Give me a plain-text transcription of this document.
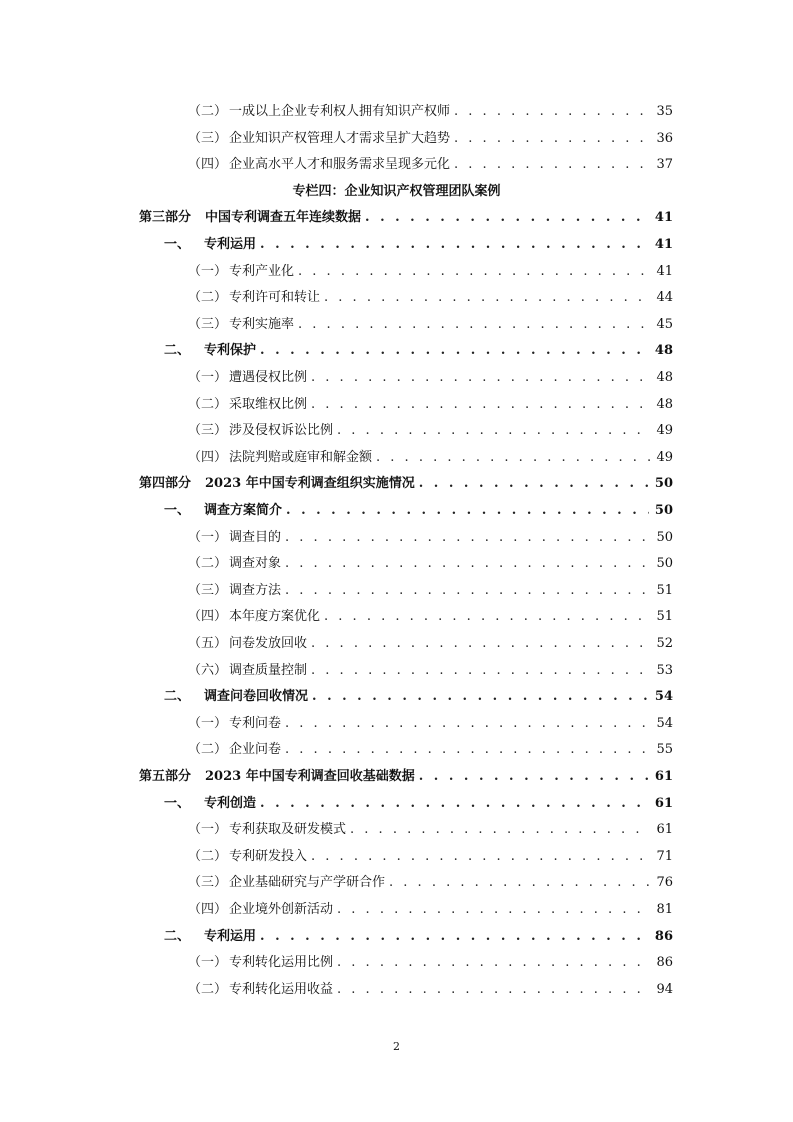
（二） 一成以上企业专利权人拥有知识产权师 . . .	35
（三） 企业知识产权管理人才需求呈扩大趋势 . . .	36
（四） 企业高水平人才和服务需求呈现多元化 . . .	37
专栏四：企业知识产权管理团队案例
第三部分 中国专利调查五年连续数据 . . .	41
一、 专利运用 . . .	41
（一） 专利产业化 . . .	41
（二） 专利许可和转让 . . .	44
（三） 专利实施率 . . .	45
二、 专利保护 . . .	48
（一） 遭遇侵权比例 . . .	48
（二） 采取维权比例 . . .	48
（三） 涉及侵权诉讼比例 . . .	49
（四） 法院判赔或庭审和解金额 . . .	49
第四部分 2023 年中国专利调查组织实施情况 . . .	50
一、 调查方案简介 . . .	50
（一） 调查目的 . . .	50
（二） 调查对象 . . .	50
（三） 调查方法 . . .	51
（四） 本年度方案优化 . . .	51
（五） 问卷发放回收 . . .	52
（六） 调查质量控制 . . .	53
二、 调查问卷回收情况 . . .	54
（一） 专利问卷 . . .	54
（二） 企业问卷 . . .	55
第五部分 2023 年中国专利调查回收基础数据 . . .	61
一、 专利创造 . . .	61
（一） 专利获取及研发模式 . . .	61
（二） 专利研发投入 . . .	71
（三） 企业基础研究与产学研合作 . . .	76
（四） 企业境外创新活动 . . .	81
二、 专利运用 . . .	86
（一） 专利转化运用比例 . . .	86
（二） 专利转化运用收益 . . .	94
2
